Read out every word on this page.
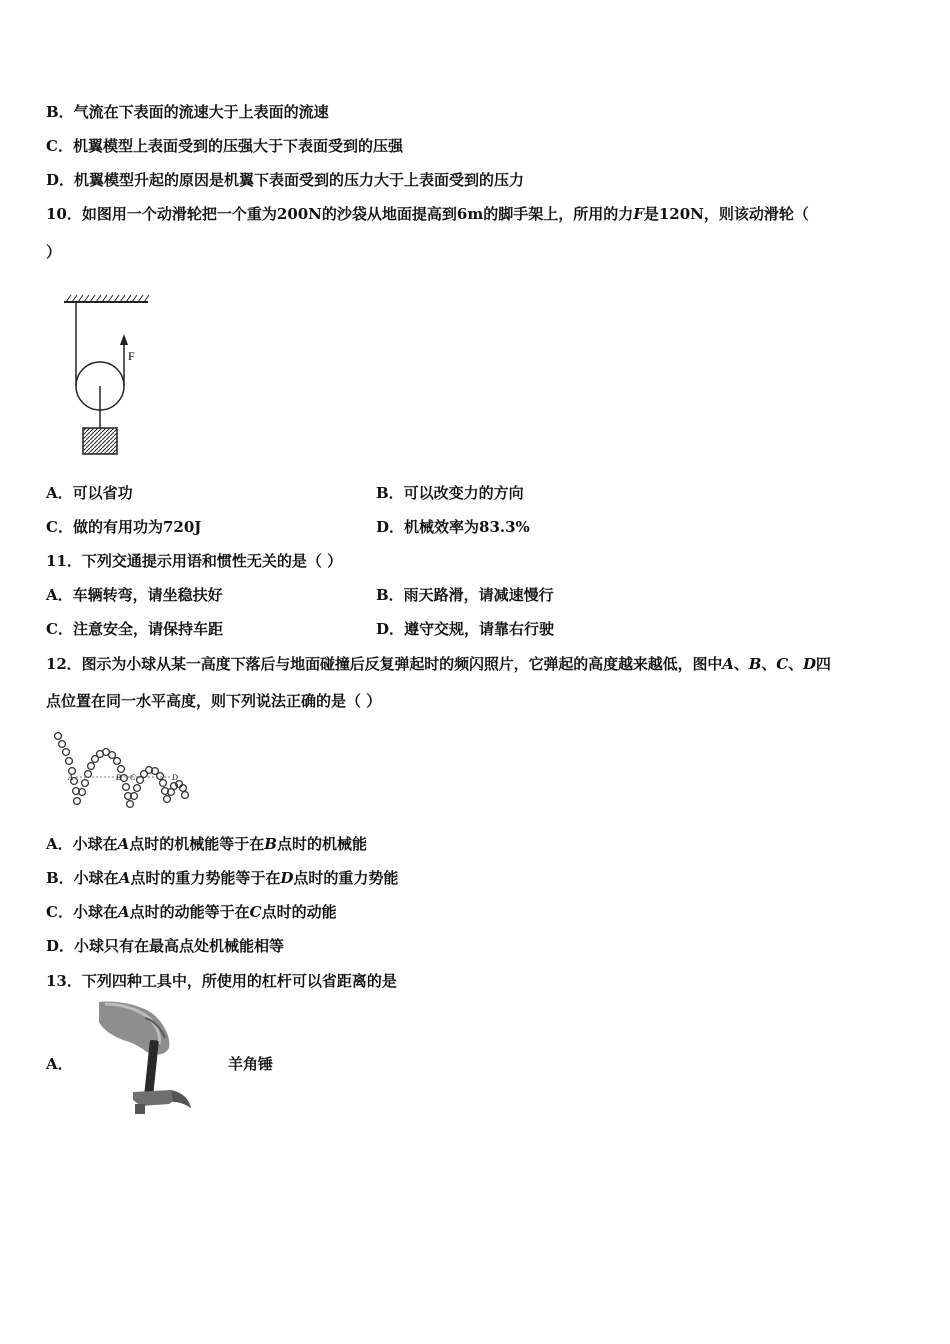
B．气流在下表面的流速大于上表面的流速
C．机翼模型上表面受到的压强大于下表面受到的压强
D．机翼模型升起的原因是机翼下表面受到的压力大于上表面受到的压力
10．如图用一个动滑轮把一个重为200N的沙袋从地面提高到6m的脚手架上，所用的力F是120N，则该动滑轮（
）
F
A．可以省功	B．可以改变力的方向
C．做的有用功为720J	D．机械效率为83.3%
11．下列交通提示用语和惯性无关的是（ ）
A．车辆转弯，请坐稳扶好	B．雨天路滑，请减速慢行
C．注意安全，请保持车距	D．遵守交规，请靠右行驶
12．图示为小球从某一高度下落后与地面碰撞后反复弹起时的频闪照片，它弹起的高度越来越低，图中A、B、C、D四
点位置在同一水平高度，则下列说法正确的是（ ）
A	B C	D
A．小球在A点时的机械能等于在B点时的机械能
B．小球在A点时的重力势能等于在D点时的重力势能
C．小球在A点时的动能等于在C点时的动能
D．小球只有在最高点处机械能相等
13．下列四种工具中，所使用的杠杆可以省距离的是
A．	羊角锤
